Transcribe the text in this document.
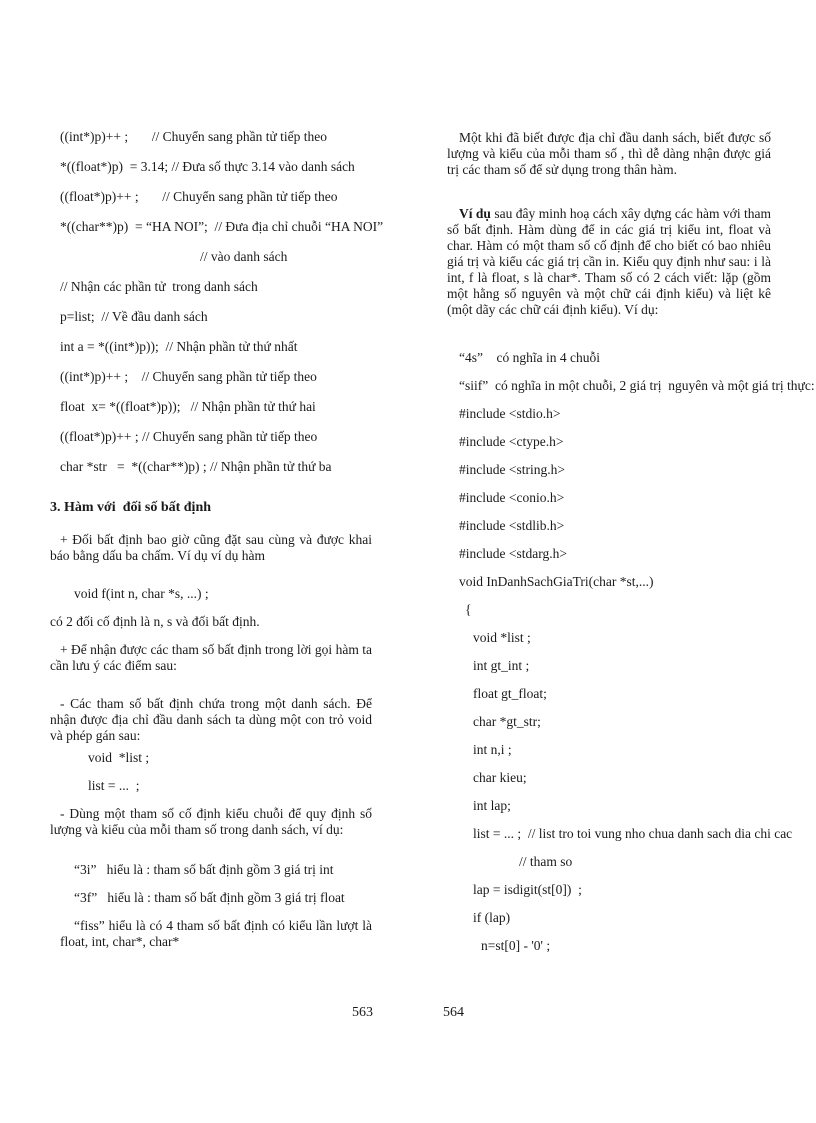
((int*)p)++ ;       // Chuyển sang phần tử tiếp theo
*((float*)p)  = 3.14; // Đưa số thực 3.14 vào danh sách
((float*)p)++ ;       // Chuyển sang phần tử tiếp theo
*((char**)p)  = “HA NOI”;  // Đưa địa chỉ chuỗi “HA NOI”
// vào danh sách
// Nhận các phần tử  trong danh sách
p=list;  // Về đầu danh sách
int a = *((int*)p));  // Nhận phần tử thứ nhất
((int*)p)++ ;    // Chuyển sang phần tử tiếp theo
float  x= *((float*)p));   // Nhận phần tử thứ hai
((float*)p)++ ; // Chuyển sang phần tử tiếp theo
char *str   =  *((char**)p) ; // Nhận phần tử thứ ba
3. Hàm với  đối số bất định
+ Đối bất định bao giờ cũng đặt sau cùng và được khai báo bằng dấu ba chấm. Ví dụ ví dụ hàm
void f(int n, char *s, ...) ;
có 2 đối cố định là n, s và đối bất định.
+ Để nhận được các tham số bất định trong lời gọi hàm ta cần lưu ý các điểm sau:
- Các tham số bất định chứa trong một danh sách. Để nhận được địa chỉ đầu danh sách ta dùng một con trỏ void và phép gán sau:
void  *list ;
list = ...  ;
- Dùng một tham số cố định kiểu chuỗi để quy định số lượng và kiểu của mỗi tham số trong danh sách, ví dụ:
“3i”   hiểu là : tham số bất định gồm 3 giá trị int
“3f”   hiểu là : tham số bất định gồm 3 giá trị float
“fiss” hiểu là có 4 tham số bất định có kiểu lần lượt là float, int, char*, char*
563	564
Một khi đã biết được địa chỉ đầu danh sách, biết được số lượng và kiểu của mỗi tham số , thì dễ dàng nhận được giá trị các tham số để sử dụng trong thân hàm.
Ví dụ sau đây minh hoạ cách xây dựng các hàm với tham số bất định. Hàm dùng để in các giá trị kiểu int, float và char. Hàm có một tham số cố định để cho biết có bao nhiêu giá trị và kiểu các giá trị cần in. Kiểu quy định như sau: i là int, f là float, s là char*. Tham số có 2 cách viết: lặp (gồm một hằng số nguyên và một chữ cái định kiểu) và liệt kê (một dãy các chữ cái định kiểu). Ví dụ:
“4s”    có nghĩa in 4 chuỗi
“siif”  có nghĩa in một chuỗi, 2 giá trị  nguyên và một giá trị thực:
#include <stdio.h>
#include <ctype.h>
#include <string.h>
#include <conio.h>
#include <stdlib.h>
#include <stdarg.h>
void InDanhSachGiaTri(char *st,...)
{
void *list ;
int gt_int ;
float gt_float;
char *gt_str;
int n,i ;
char kieu;
int lap;
list = ... ;  // list tro toi vung nho chua danh sach dia chi cac
// tham so
lap = isdigit(st[0])  ;
if (lap)
n=st[0] - '0' ;
